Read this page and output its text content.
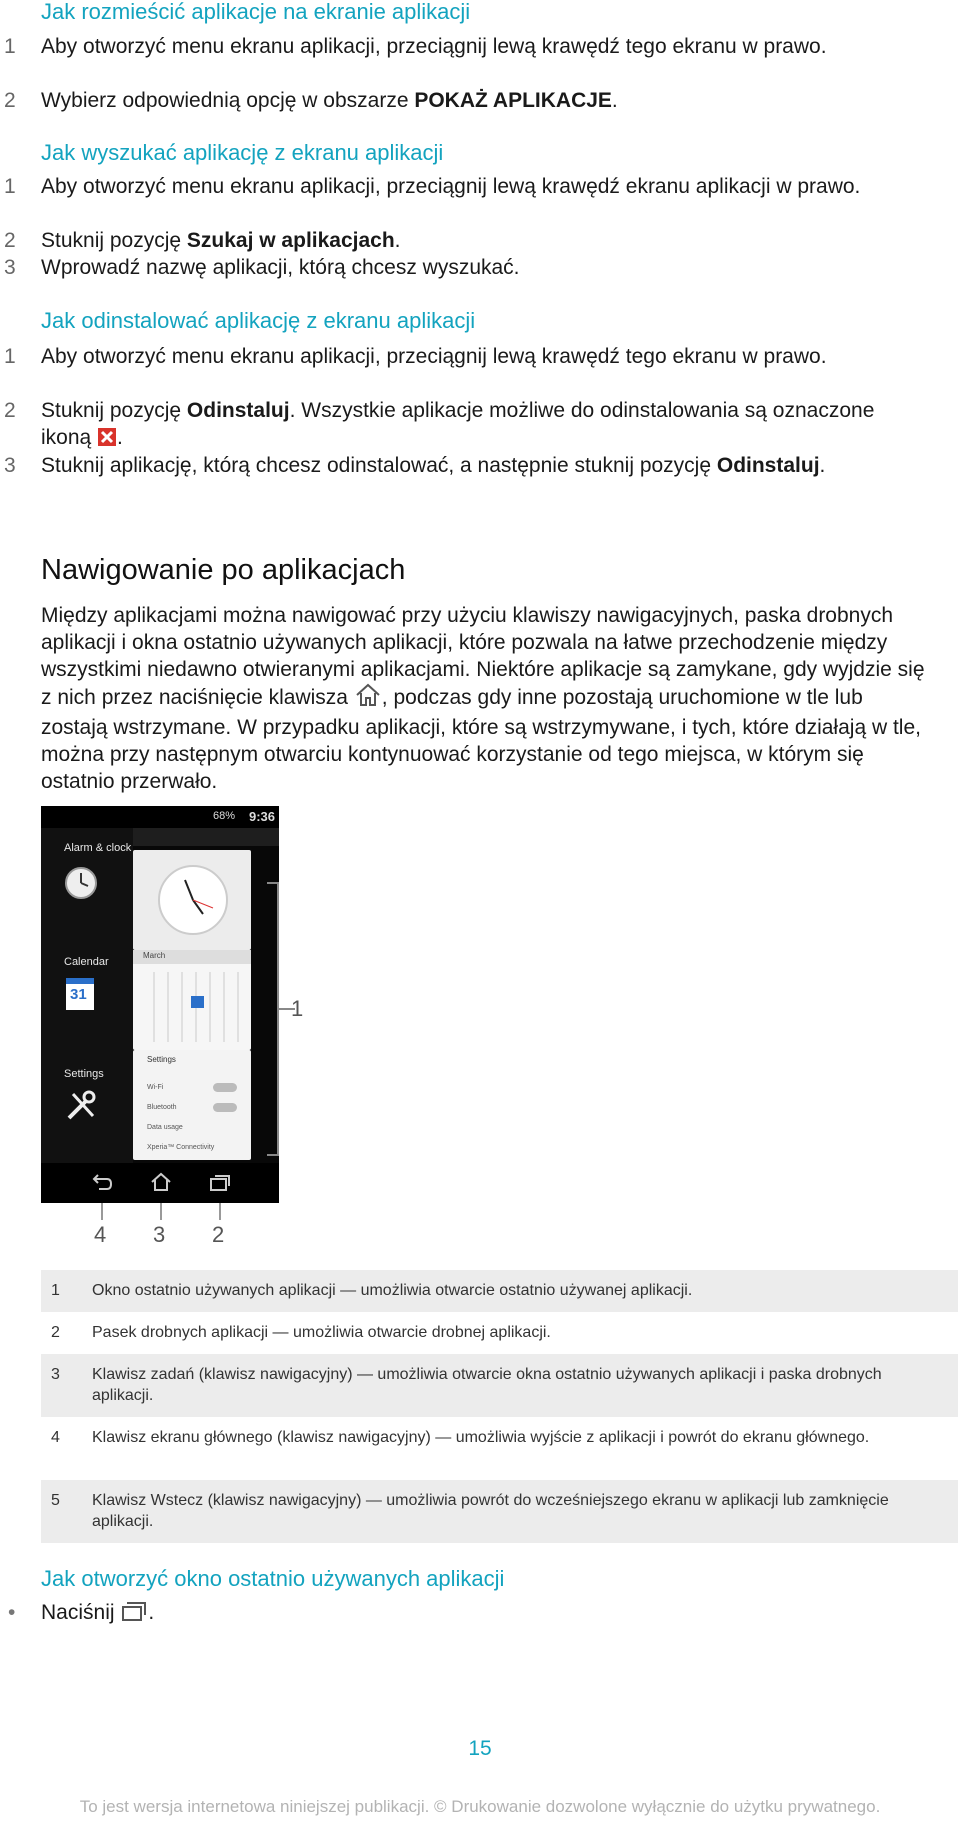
Jak rozmieścić aplikacje na ekranie aplikacji
1 Aby otworzyć menu ekranu aplikacji, przeciągnij lewą krawędź tego ekranu w prawo.
2 Wybierz odpowiednią opcję w obszarze POKAŻ APLIKACJE.
Jak wyszukać aplikację z ekranu aplikacji
1 Aby otworzyć menu ekranu aplikacji, przeciągnij lewą krawędź ekranu aplikacji w prawo.
2 Stuknij pozycję Szukaj w aplikacjach.
3 Wprowadź nazwę aplikacji, którą chcesz wyszukać.
Jak odinstalować aplikację z ekranu aplikacji
1 Aby otworzyć menu ekranu aplikacji, przeciągnij lewą krawędź tego ekranu w prawo.
2 Stuknij pozycję Odinstaluj. Wszystkie aplikacje możliwe do odinstalowania są oznaczone ikoną .
3 Stuknij aplikację, którą chcesz odinstalować, a następnie stuknij pozycję Odinstaluj.
Nawigowanie po aplikacjach
Między aplikacjami można nawigować przy użyciu klawiszy nawigacyjnych, paska drobnych aplikacji i okna ostatnio używanych aplikacji, które pozwala na łatwe przechodzenie między wszystkimi niedawno otwieranymi aplikacjami. Niektóre aplikacje są zamykane, gdy wyjdzie się z nich przez naciśnięcie klawisza , podczas gdy inne pozostają uruchomione w tle lub zostają wstrzymane. W przypadku aplikacji, które są wstrzymywane, i tych, które działają w tle, można przy następnym otwarciu kontynuować korzystanie od tego miejsca, w którym się ostatnio przerwało.
68% 9:36
Alarm & clock
Calendar
31
Settings
March
Settings
Wi-Fi
Bluetooth
Data usage
Xperia™ Connectivity
1
4 3 2
1 Okno ostatnio używanych aplikacji — umożliwia otwarcie ostatnio używanej aplikacji.
2 Pasek drobnych aplikacji — umożliwia otwarcie drobnej aplikacji.
3 Klawisz zadań (klawisz nawigacyjny) — umożliwia otwarcie okna ostatnio używanych aplikacji i paska drobnych aplikacji.
4 Klawisz ekranu głównego (klawisz nawigacyjny) — umożliwia wyjście z aplikacji i powrót do ekranu głównego.
5 Klawisz Wstecz (klawisz nawigacyjny) — umożliwia powrót do wcześniejszego ekranu w aplikacji lub zamknięcie aplikacji.
Jak otworzyć okno ostatnio używanych aplikacji
• Naciśnij .
15
To jest wersja internetowa niniejszej publikacji. © Drukowanie dozwolone wyłącznie do użytku prywatnego.
